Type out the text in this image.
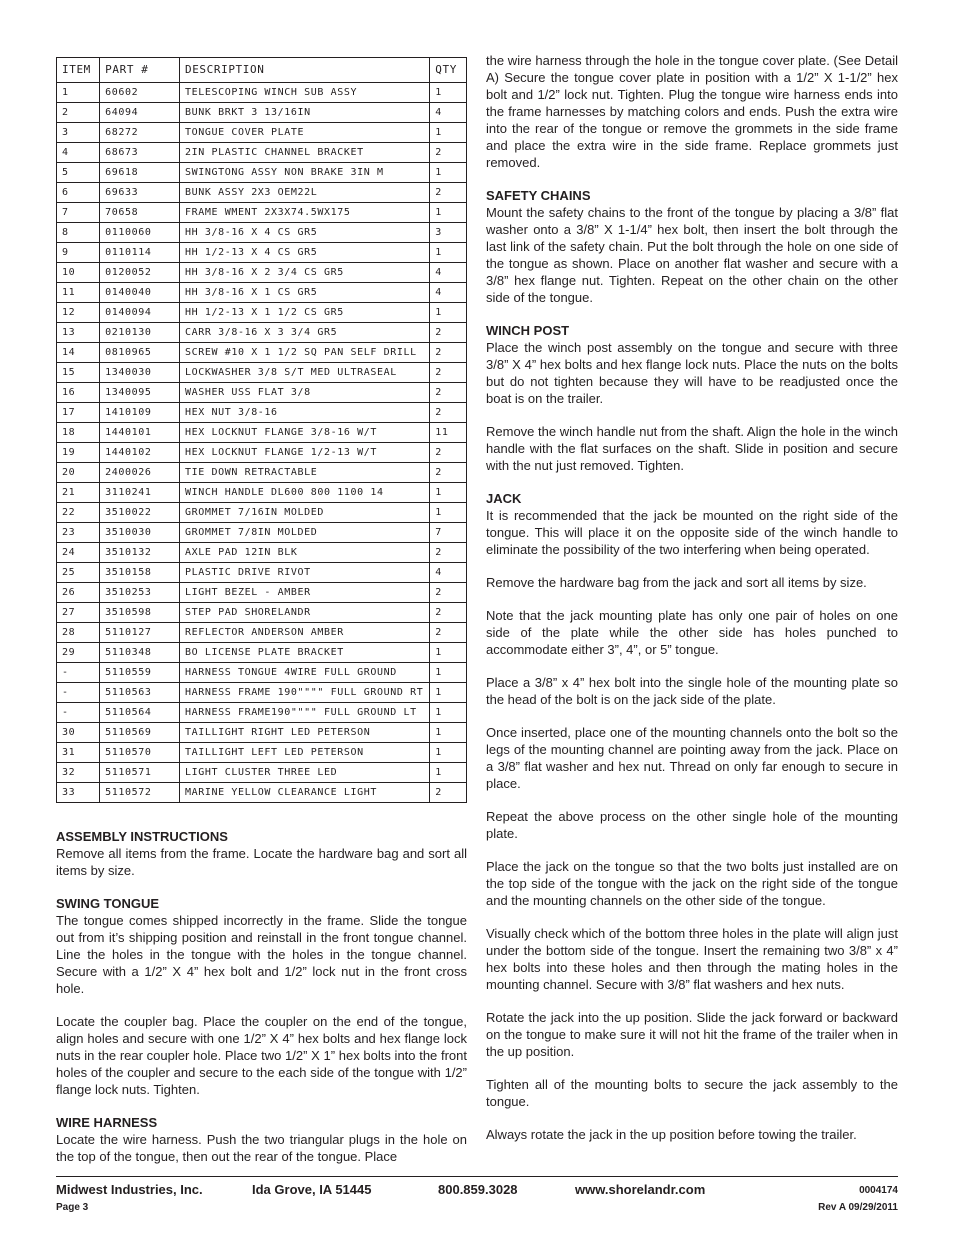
ITEM	PART #	DESCRIPTION	QTY
1	60602	TELESCOPING WINCH SUB ASSY	1
2	64094	BUNK BRKT 3 13/16IN	4
3	68272	TONGUE COVER PLATE	1
4	68673	2IN PLASTIC CHANNEL BRACKET	2
5	69618	SWINGTONG ASSY NON BRAKE 3IN M	1
6	69633	BUNK ASSY 2X3 OEM22L	2
7	70658	FRAME WMENT 2X3X74.5WX175	1
8	0110060	HH 3/8-16 X 4 CS GR5	3
9	0110114	HH 1/2-13 X 4 CS GR5	1
10	0120052	HH 3/8-16 X 2 3/4 CS GR5	4
11	0140040	HH 3/8-16 X 1 CS GR5	4
12	0140094	HH 1/2-13 X 1 1/2 CS GR5	1
13	0210130	CARR 3/8-16 X 3 3/4 GR5	2
14	0810965	SCREW #10 X 1 1/2 SQ PAN SELF DRILL	2
15	1340030	LOCKWASHER 3/8 S/T MED ULTRASEAL	2
16	1340095	WASHER USS FLAT 3/8	2
17	1410109	HEX NUT 3/8-16	2
18	1440101	HEX LOCKNUT FLANGE 3/8-16 W/T	11
19	1440102	HEX LOCKNUT FLANGE 1/2-13 W/T	2
20	2400026	TIE DOWN RETRACTABLE	2
21	3110241	WINCH HANDLE DL600 800 1100 14	1
22	3510022	GROMMET 7/16IN MOLDED	1
23	3510030	GROMMET 7/8IN MOLDED	7
24	3510132	AXLE PAD 12IN BLK	2
25	3510158	PLASTIC DRIVE RIVOT	4
26	3510253	LIGHT BEZEL - AMBER	2
27	3510598	STEP PAD SHORELANDR	2
28	5110127	REFLECTOR ANDERSON AMBER	2
29	5110348	BO LICENSE PLATE BRACKET	1
-	5110559	HARNESS TONGUE 4WIRE FULL GROUND	1
-	5110563	HARNESS FRAME 190"""" FULL GROUND RT	1
-	5110564	HARNESS FRAME190"""" FULL GROUND LT	1
30	5110569	TAILLIGHT RIGHT LED PETERSON	1
31	5110570	TAILLIGHT LEFT LED PETERSON	1
32	5110571	LIGHT CLUSTER THREE LED	1
33	5110572	MARINE YELLOW CLEARANCE LIGHT	2
ASSEMBLY INSTRUCTIONS

Remove all items from the frame. Locate the hardware bag and sort all items by size.

SWING TONGUE

The tongue comes shipped incorrectly in the frame. Slide the tongue out from it’s shipping position and reinstall in the front tongue channel. Line the holes in the tongue with the holes in the tongue channel. Secure with a 1/2” X 4” hex bolt and 1/2” lock nut in the front cross hole.

Locate the coupler bag. Place the coupler on the end of the tongue, align holes and secure with one 1/2” X 4” hex bolts and hex flange lock nuts in the rear coupler hole. Place two 1/2” X 1” hex bolts into the front holes of the coupler and secure to the each side of the tongue with 1/2” flange lock nuts. Tighten.

WIRE HARNESS

Locate the wire harness. Push the two triangular plugs in the hole on the top of the tongue, then out the rear of the tongue. Place

the wire harness through the hole in the tongue cover plate. (See Detail A) Secure the tongue cover plate in position with a 1/2” X 1-1/2” hex bolt and 1/2” lock nut. Tighten. Plug the tongue wire harness ends into the frame harnesses by matching colors and ends. Push the extra wire into the rear of the tongue or remove the grommets in the side frame and place the extra wire in the side frame. Replace grommets just removed.

SAFETY CHAINS

Mount the safety chains to the front of the tongue by placing a 3/8” flat washer onto a 3/8” X 1-1/4” hex bolt, then insert the bolt through the last link of the safety chain. Put the bolt through the hole on one side of the tongue as shown. Place on another flat washer and secure with a 3/8” hex flange nut. Tighten. Repeat on the other chain on the other side of the tongue.

WINCH POST

Place the winch post assembly on the tongue and secure with three 3/8” X 4” hex bolts and hex flange lock nuts. Place the nuts on the bolts but do not tighten because they will have to be readjusted once the boat is on the trailer.

Remove the winch handle nut from the shaft. Align the hole in the winch handle with the flat surfaces on the shaft. Slide in position and secure with the nut just removed. Tighten.

JACK

It is recommended that the jack be mounted on the right side of the tongue. This will place it on the opposite side of the winch handle to eliminate the possibility of the two interfering when being operated.

Remove the hardware bag from the jack and sort all items by size.

Note that the jack mounting plate has only one pair of holes on one side of the plate while the other side has holes punched to accommodate either 3”, 4”, or 5” tongue.

Place a 3/8” x 4” hex bolt into the single hole of the mounting plate so the head of the bolt is on the jack side of the plate.

Once inserted, place one of the mounting channels onto the bolt so the legs of the mounting channel are pointing away from the jack. Place on a 3/8” flat washer and hex nut. Thread on only far enough to secure in place.

Repeat the above process on the other single hole of the mounting plate.

Place the jack on the tongue so that the two bolts just installed are on the top side of the tongue with the jack on the right side of the tongue and the mounting channels on the other side of the tongue.

Visually check which of the bottom three holes in the plate will align just under the bottom side of the tongue. Insert the remaining two 3/8” x 4” hex bolts into these holes and then through the mating holes in the mounting channel. Secure with 3/8” flat washers and hex nuts.

Rotate the jack into the up position. Slide the jack forward or backward on the tongue to make sure it will not hit the frame of the trailer when in the up position.

Tighten all of the mounting bolts to secure the jack assembly to the tongue.

Always rotate the jack in the up position before towing the trailer.

Midwest Industries, Inc.	Ida Grove, IA 51445	800.859.3028	www.shorelandr.com	0004174
Page 3	Rev A 09/29/2011
